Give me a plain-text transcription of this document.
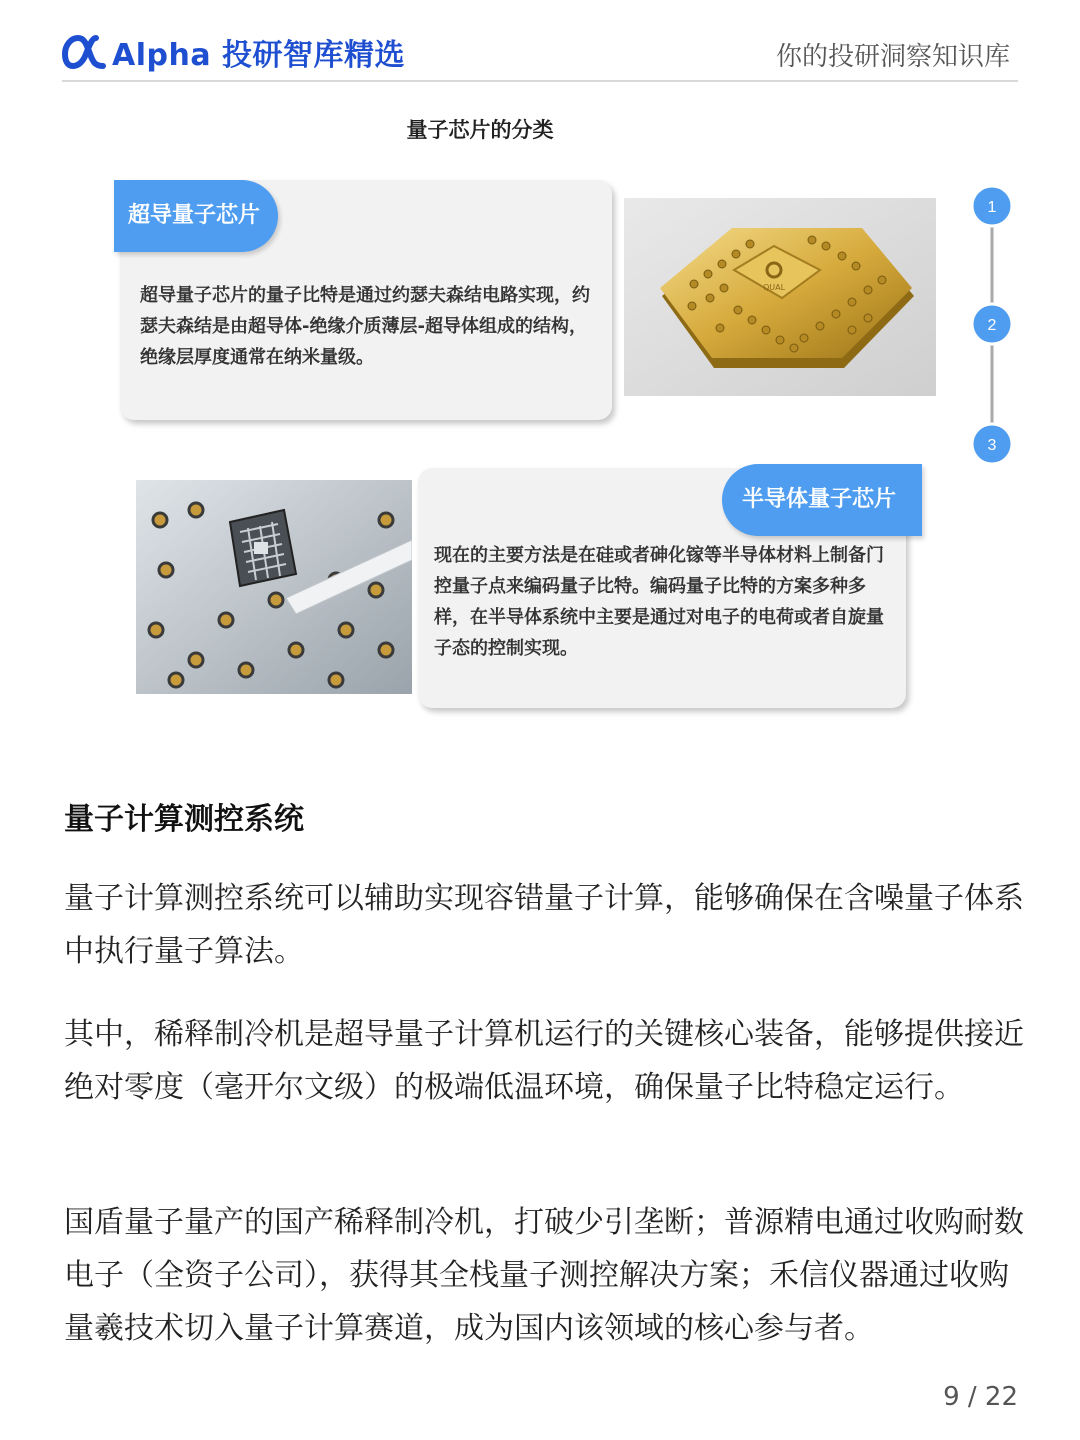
Alpha 投研智库精选	你的投研洞察知识库
量子芯片的分类
超导量子芯片
超导量子芯片的量子比特是通过约瑟夫森结电路实现，约瑟夫森结是由超导体-绝缘介质薄层-超导体组成的结构，绝缘层厚度通常在纳米量级。
QUAL
半导体量子芯片
现在的主要方法是在硅或者砷化镓等半导体材料上制备门控量子点来编码量子比特。编码量子比特的方案多种多样，在半导体系统中主要是通过对电子的电荷或者自旋量子态的控制实现。
1
2
3
量子计算测控系统
量子计算测控系统可以辅助实现容错量子计算，能够确保在含噪量子体系中执行量子算法。
其中，稀释制冷机是超导量子计算机运行的关键核心装备，能够提供接近绝对零度（毫开尔文级）的极端低温环境，确保量子比特稳定运行。
国盾量子量产的国产稀释制冷机，打破少引垄断；普源精电通过收购耐数电子（全资子公司），获得其全栈量子测控解决方案；禾信仪器通过收购量羲技术切入量子计算赛道，成为国内该领域的核心参与者。
9 / 22
